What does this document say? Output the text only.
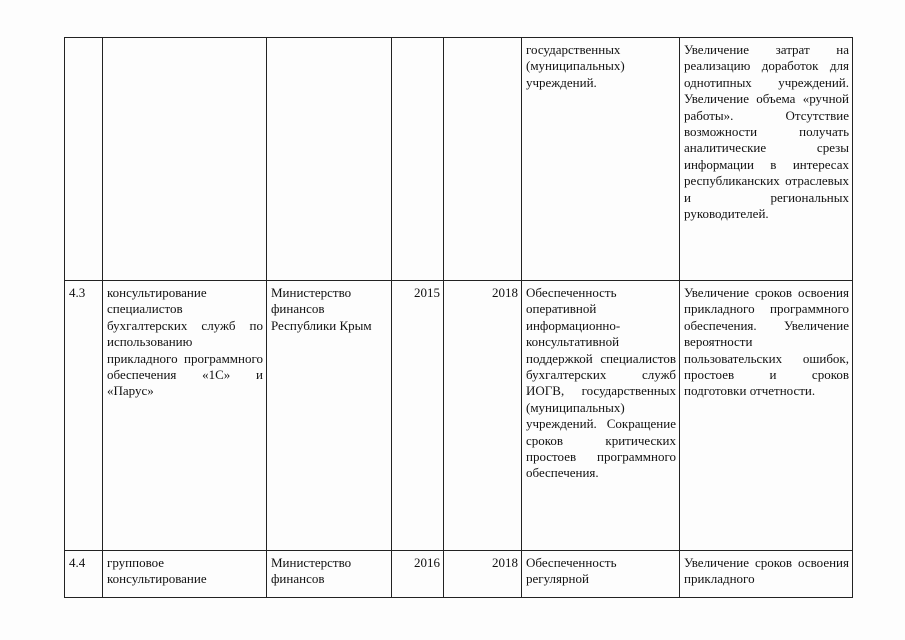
					государственных (муниципальных) учреждений.	Увеличение затрат на реализацию доработок для однотипных учреждений. Увеличение объема «ручной работы». Отсутствие возможности получать аналитические срезы информации в интересах республиканских отраслевых и региональных руководителей.
4.3	консультирование специалистов бухгалтерских служб по использованию прикладного программного обеспечения «1С» и «Парус»	Министерство финансов Республики Крым	2015	2018	Обеспеченность оперативной информационно-консультативной поддержкой специалистов бухгалтерских служб ИОГВ, государственных (муниципальных) учреждений. Сокращение сроков критических простоев программного обеспечения.	Увеличение сроков освоения прикладного программного обеспечения. Увеличение вероятности пользовательских ошибок, простоев и сроков подготовки отчетности.
4.4	групповое консультирование	Министерство финансов	2016	2018	Обеспеченность регулярной	Увеличение сроков освоения прикладного
